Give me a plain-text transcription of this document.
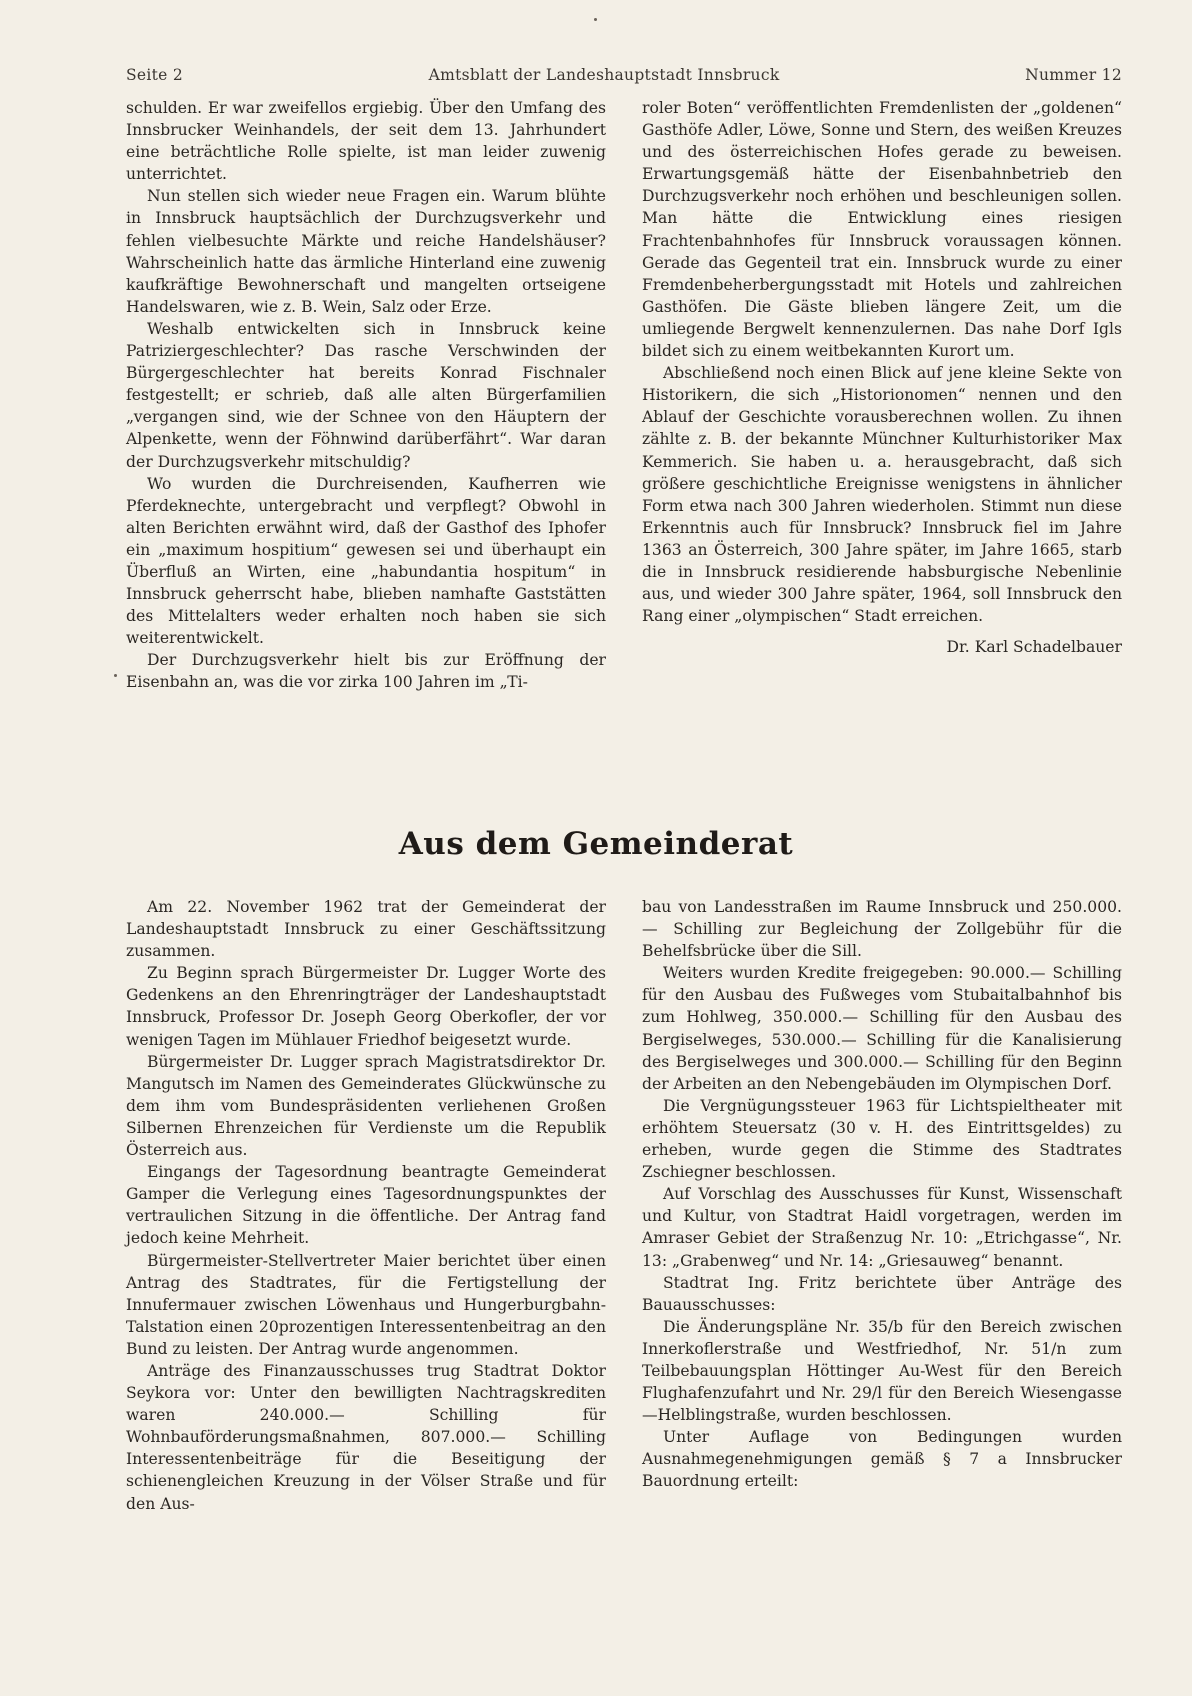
Seite 2	Amtsblatt der Landeshauptstadt Innsbruck	Nummer 12

schulden. Er war zweifellos ergiebig. Über den Umfang des Innsbrucker Weinhandels, der seit dem 13. Jahrhundert eine beträchtliche Rolle spielte, ist man leider zuwenig unterrichtet.

Nun stellen sich wieder neue Fragen ein. Warum blühte in Innsbruck hauptsächlich der Durchzugsverkehr und fehlen vielbesuchte Märkte und reiche Handelshäuser? Wahrscheinlich hatte das ärmliche Hinterland eine zuwenig kaufkräftige Bewohnerschaft und mangelten ortseigene Handelswaren, wie z. B. Wein, Salz oder Erze.

Weshalb entwickelten sich in Innsbruck keine Patriziergeschlechter? Das rasche Verschwinden der Bürgergeschlechter hat bereits Konrad Fischnaler festgestellt; er schrieb, daß alle alten Bürgerfamilien „vergangen sind, wie der Schnee von den Häuptern der Alpenkette, wenn der Föhnwind darüberfährt“. War daran der Durchzugsverkehr mitschuldig?

Wo wurden die Durchreisenden, Kaufherren wie Pferdeknechte, untergebracht und verpflegt? Obwohl in alten Berichten erwähnt wird, daß der Gasthof des Iphofer ein „maximum hospitium“ gewesen sei und überhaupt ein Überfluß an Wirten, eine „habundantia hospitum“ in Innsbruck geherrscht habe, blieben namhafte Gaststätten des Mittelalters weder erhalten noch haben sie sich weiterentwickelt.

Der Durchzugsverkehr hielt bis zur Eröffnung der Eisenbahn an, was die vor zirka 100 Jahren im „Ti-

roler Boten“ veröffentlichten Fremdenlisten der „goldenen“ Gasthöfe Adler, Löwe, Sonne und Stern, des weißen Kreuzes und des österreichischen Hofes gerade zu beweisen. Erwartungsgemäß hätte der Eisenbahnbetrieb den Durchzugsverkehr noch erhöhen und beschleunigen sollen. Man hätte die Entwicklung eines riesigen Frachtenbahnhofes für Innsbruck voraussagen können. Gerade das Gegenteil trat ein. Innsbruck wurde zu einer Fremdenbeherbergungsstadt mit Hotels und zahlreichen Gasthöfen. Die Gäste blieben längere Zeit, um die umliegende Bergwelt kennenzulernen. Das nahe Dorf Igls bildet sich zu einem weitbekannten Kurort um.

Abschließend noch einen Blick auf jene kleine Sekte von Historikern, die sich „Historionomen“ nennen und den Ablauf der Geschichte vorausberechnen wollen. Zu ihnen zählte z. B. der bekannte Münchner Kulturhistoriker Max Kemmerich. Sie haben u. a. herausgebracht, daß sich größere geschichtliche Ereignisse wenigstens in ähnlicher Form etwa nach 300 Jahren wiederholen. Stimmt nun diese Erkenntnis auch für Innsbruck? Innsbruck fiel im Jahre 1363 an Österreich, 300 Jahre später, im Jahre 1665, starb die in Innsbruck residierende habsburgische Nebenlinie aus, und wieder 300 Jahre später, 1964, soll Innsbruck den Rang einer „olympischen“ Stadt erreichen.

Dr. Karl Schadelbauer
Aus dem Gemeinderat

Am 22. November 1962 trat der Gemeinderat der Landeshauptstadt Innsbruck zu einer Geschäftssitzung zusammen.

Zu Beginn sprach Bürgermeister Dr. Lugger Worte des Gedenkens an den Ehrenringträger der Landeshauptstadt Innsbruck, Professor Dr. Joseph Georg Oberkofler, der vor wenigen Tagen im Mühlauer Friedhof beigesetzt wurde.

Bürgermeister Dr. Lugger sprach Magistratsdirektor Dr. Mangutsch im Namen des Gemeinderates Glückwünsche zu dem ihm vom Bundespräsidenten verliehenen Großen Silbernen Ehrenzeichen für Verdienste um die Republik Österreich aus.

Eingangs der Tagesordnung beantragte Gemeinderat Gamper die Verlegung eines Tagesordnungspunktes der vertraulichen Sitzung in die öffentliche. Der Antrag fand jedoch keine Mehrheit.

Bürgermeister-Stellvertreter Maier berichtet über einen Antrag des Stadtrates, für die Fertigstellung der Innufermauer zwischen Löwenhaus und Hungerburgbahn-Talstation einen 20prozentigen Interessentenbeitrag an den Bund zu leisten. Der Antrag wurde angenommen.

Anträge des Finanzausschusses trug Stadtrat Doktor Seykora vor: Unter den bewilligten Nachtragskrediten waren 240.000.— Schilling für Wohnbauförderungsmaßnahmen, 807.000.— Schilling Interessentenbeiträge für die Beseitigung der schienengleichen Kreuzung in der Völser Straße und für den Aus-

bau von Landesstraßen im Raume Innsbruck und 250.000.— Schilling zur Begleichung der Zollgebühr für die Behelfsbrücke über die Sill.

Weiters wurden Kredite freigegeben: 90.000.— Schilling für den Ausbau des Fußweges vom Stubaitalbahnhof bis zum Hohlweg, 350.000.— Schilling für den Ausbau des Bergiselweges, 530.000.— Schilling für die Kanalisierung des Bergiselweges und 300.000.— Schilling für den Beginn der Arbeiten an den Nebengebäuden im Olympischen Dorf.

Die Vergnügungssteuer 1963 für Lichtspieltheater mit erhöhtem Steuersatz (30 v. H. des Eintrittsgeldes) zu erheben, wurde gegen die Stimme des Stadtrates Zschiegner beschlossen.

Auf Vorschlag des Ausschusses für Kunst, Wissenschaft und Kultur, von Stadtrat Haidl vorgetragen, werden im Amraser Gebiet der Straßenzug Nr. 10: „Etrichgasse“, Nr. 13: „Grabenweg“ und Nr. 14: „Griesauweg“ benannt.

Stadtrat Ing. Fritz berichtete über Anträge des Bauausschusses:

Die Änderungspläne Nr. 35/b für den Bereich zwischen Innerkoflerstraße und Westfriedhof, Nr. 51/n zum Teilbebauungsplan Höttinger Au-West für den Bereich Flughafenzufahrt und Nr. 29/l für den Bereich Wiesengasse—Helblingstraße, wurden beschlossen.

Unter Auflage von Bedingungen wurden Ausnahmegenehmigungen gemäß § 7 a Innsbrucker Bauordnung erteilt:
